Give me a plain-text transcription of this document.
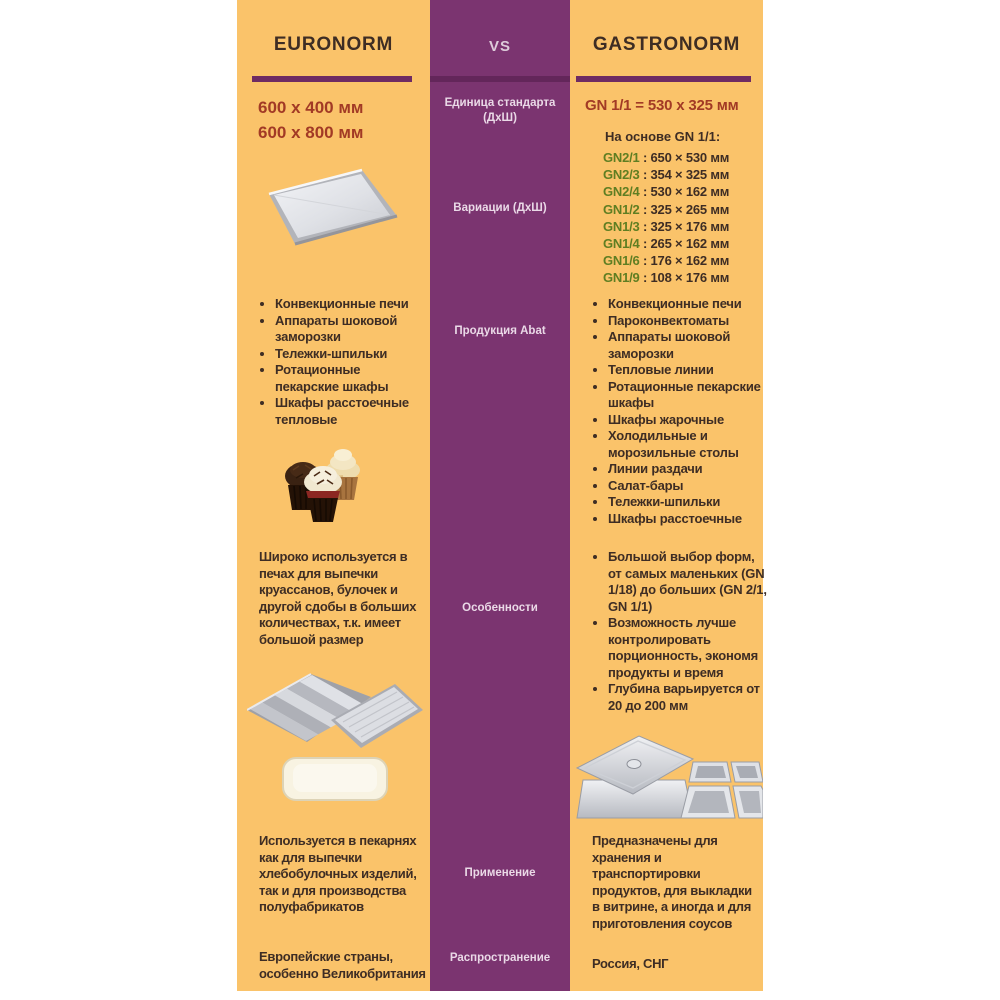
EURONORM	VS	GASTRONORM
600 x 400 мм
600 x 800 мм
Единица стандарта
(ДхШ)
GN 1/1 = 530 x 325 мм
Вариации (ДхШ)
На основе GN 1/1:
GN2/1 : 650 × 530 мм
GN2/3 : 354 × 325 мм
GN2/4 : 530 × 162 мм
GN1/2 : 325 × 265 мм
GN1/3 : 325 × 176 мм
GN1/4 : 265 × 162 мм
GN1/6 : 176 × 162 мм
GN1/9 : 108 × 176 мм
Продукция Abat
• Конвекционные печи
• Аппараты шоковой заморозки
• Тележки-шпильки
• Ротационные пекарские шкафы
• Шкафы расстоечные тепловые
• Конвекционные печи
• Пароконвектоматы
• Аппараты шоковой заморозки
• Тепловые линии
• Ротационные пекарские шкафы
• Шкафы жарочные
• Холодильные и морозильные столы
• Линии раздачи
• Салат-бары
• Тележки-шпильки
• Шкафы расстоечные
Особенности
Широко используется в печах для выпечки круассанов, булочек и другой сдобы в больших количествах, т.к. имеет большой размер
• Большой выбор форм, от самых маленьких (GN 1/18) до больших (GN 2/1, GN 1/1)
• Возможность лучше контролировать порционность, экономя продукты и время
• Глубина варьируется от 20 до 200 мм
Применение
Используется в пекарнях как для выпечки хлебобулочных изделий, так и для производства полуфабрикатов
Предназначены для хранения и транспортировки продуктов, для выкладки в витрине, а иногда и для приготовления соусов
Распространение
Европейские страны, особенно Великобритания
Россия, СНГ
